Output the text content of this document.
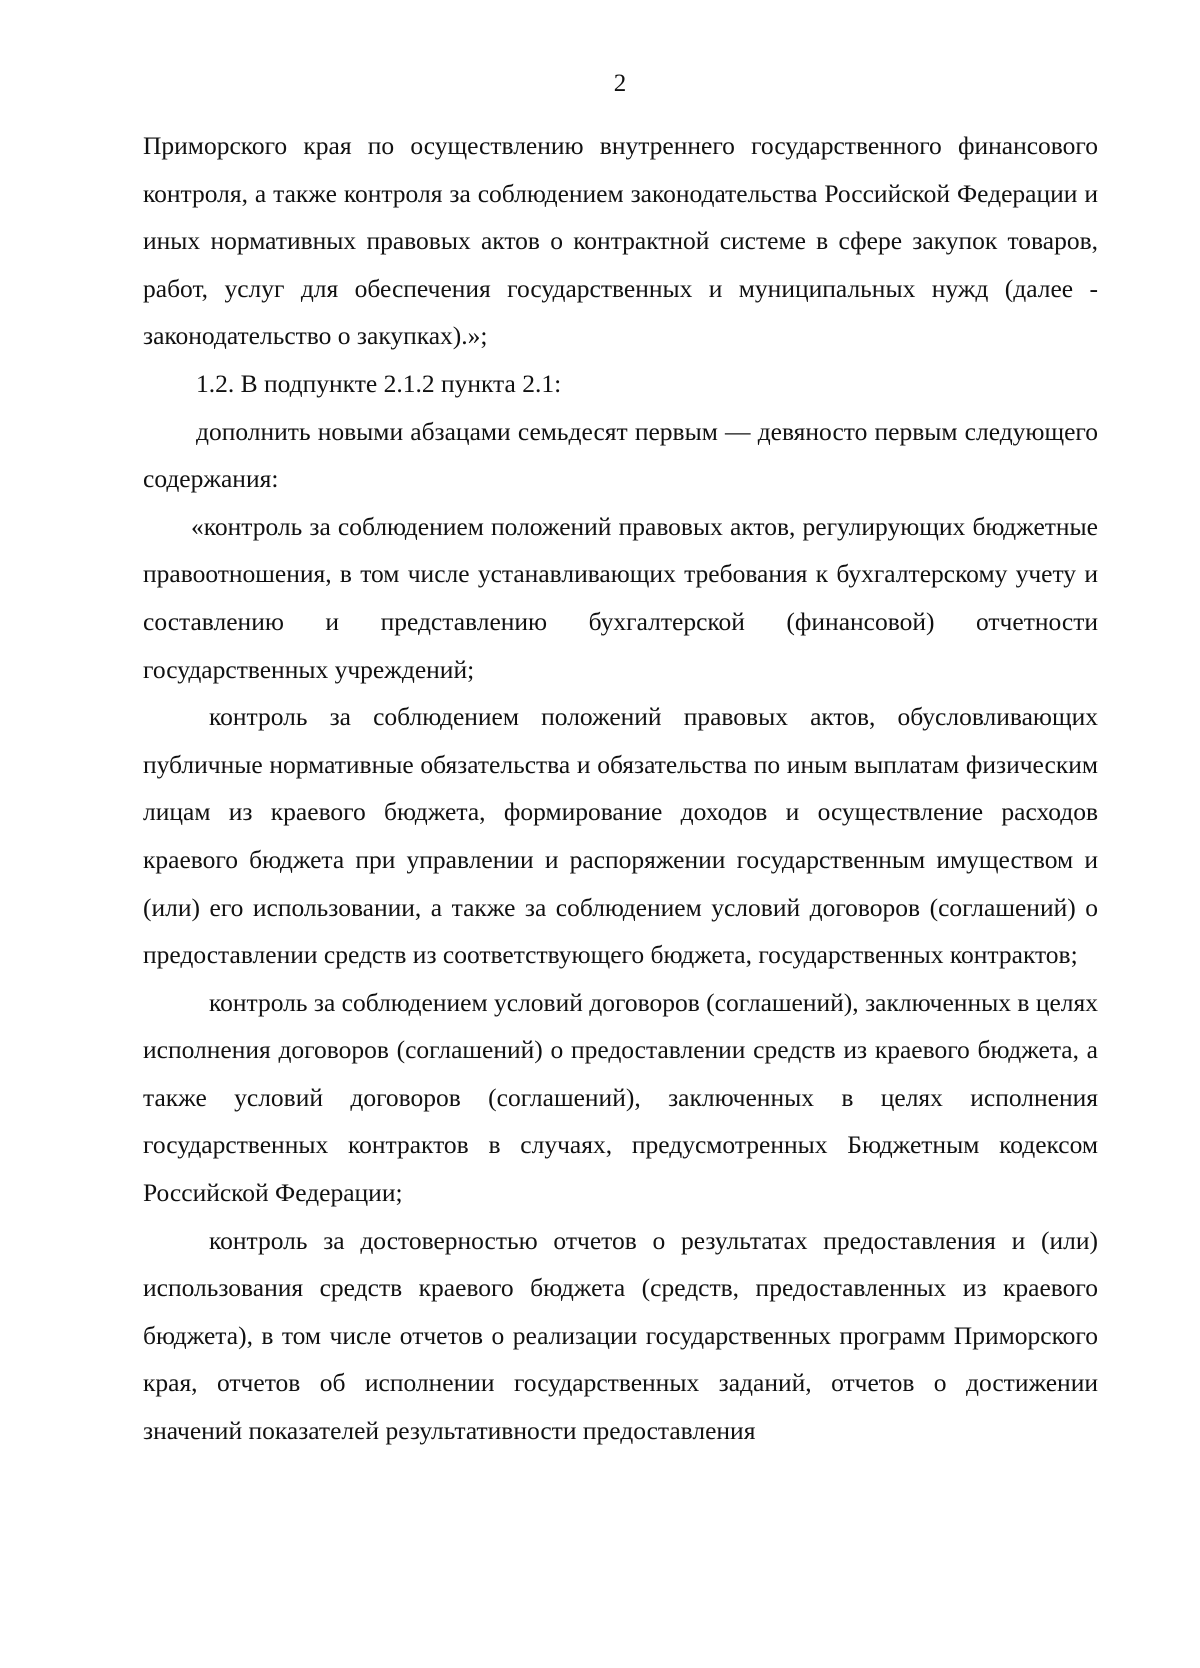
2

Приморского края по осуществлению внутреннего государственного финансового контроля, а также контроля за соблюдением законодательства Российской Федерации и иных нормативных правовых актов о контрактной системе в сфере закупок товаров, работ, услуг для обеспечения государственных и муниципальных нужд (далее - законодательство о закупках).»;

1.2. В подпункте 2.1.2 пункта 2.1:

дополнить новыми абзацами семьдесят первым — девяносто первым следующего содержания:

«контроль за соблюдением положений правовых актов, регулирующих бюджетные правоотношения, в том числе устанавливающих требования к бухгалтерскому учету и составлению и представлению бухгалтерской (финансовой) отчетности государственных учреждений;

контроль за соблюдением положений правовых актов, обусловливающих публичные нормативные обязательства и обязательства по иным выплатам физическим лицам из краевого бюджета, формирование доходов и осуществление расходов краевого бюджета при управлении и распоряжении государственным имуществом и (или) его использовании, а также за соблюдением условий договоров (соглашений) о предоставлении средств из соответствующего бюджета, государственных контрактов;

контроль за соблюдением условий договоров (соглашений), заключенных в целях исполнения договоров (соглашений) о предоставлении средств из краевого бюджета, а также условий договоров (соглашений), заключенных в целях исполнения государственных контрактов в случаях, предусмотренных Бюджетным кодексом Российской Федерации;

контроль за достоверностью отчетов о результатах предоставления и (или) использования средств краевого бюджета (средств, предоставленных из краевого бюджета), в том числе отчетов о реализации государственных программ Приморского края, отчетов об исполнении государственных заданий, отчетов о достижении значений показателей результативности предоставления
